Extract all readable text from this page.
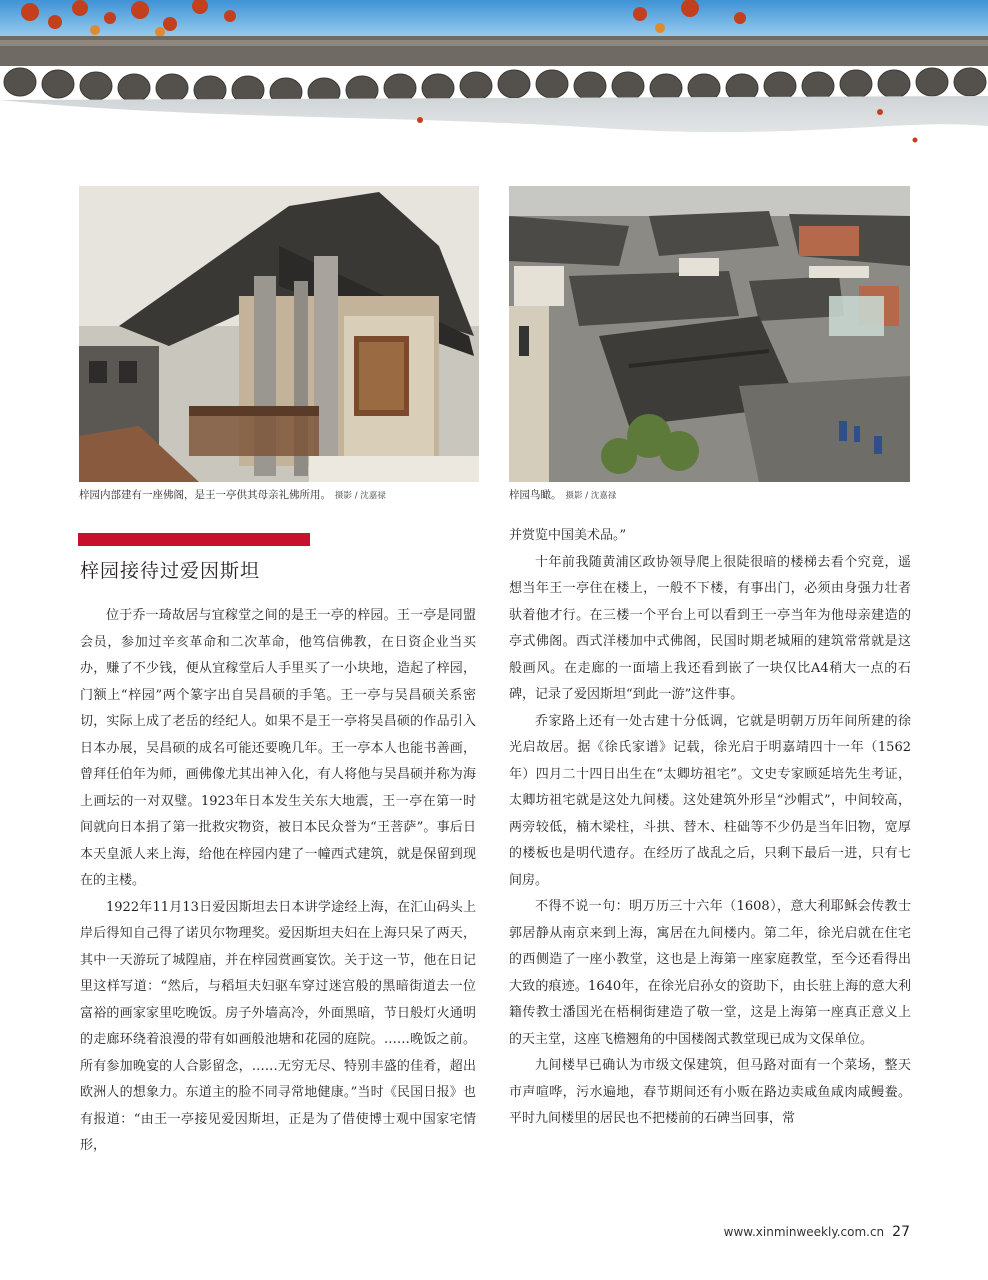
梓园内部建有一座佛阁，是王一亭供其母亲礼佛所用。 摄影 / 沈嘉禄	梓园鸟瞰。 摄影 / 沈嘉禄
梓园接待过爱因斯坦

位于乔一琦故居与宜稼堂之间的是王一亭的梓园。王一亭是同盟会员，参加过辛亥革命和二次革命，他笃信佛教，在日资企业当买办，赚了不少钱，便从宜稼堂后人手里买了一小块地，造起了梓园，门额上“梓园”两个篆字出自吴昌硕的手笔。王一亭与吴昌硕关系密切，实际上成了老岳的经纪人。如果不是王一亭将吴昌硕的作品引入日本办展，吴昌硕的成名可能还要晚几年。王一亭本人也能书善画，曾拜任伯年为师，画佛像尤其出神入化，有人将他与吴昌硕并称为海上画坛的一对双璧。1923年日本发生关东大地震，王一亭在第一时间就向日本捐了第一批救灾物资，被日本民众誉为“王菩萨”。事后日本天皇派人来上海，给他在梓园内建了一幢西式建筑，就是保留到现在的主楼。

1922年11月13日爱因斯坦去日本讲学途经上海，在汇山码头上岸后得知自己得了诺贝尔物理奖。爱因斯坦夫妇在上海只呆了两天，其中一天游玩了城隍庙，并在梓园赏画宴饮。关于这一节，他在日记里这样写道：“然后，与稻垣夫妇驱车穿过迷宫般的黑暗街道去一位富裕的画家家里吃晚饭。房子外墙高冷，外面黑暗，节日般灯火通明的走廊环绕着浪漫的带有如画般池塘和花园的庭院。……晚饭之前。所有参加晚宴的人合影留念，……无穷无尽、特别丰盛的佳肴，超出欧洲人的想象力。东道主的脸不同寻常地健康。”当时《民国日报》也有报道：“由王一亭接见爱因斯坦，正是为了借使博士观中国家宅情形，

并赏览中国美术品。”

十年前我随黄浦区政协领导爬上很陡很暗的楼梯去看个究竟，遥想当年王一亭住在楼上，一般不下楼，有事出门，必须由身强力壮者驮着他才行。在三楼一个平台上可以看到王一亭当年为他母亲建造的亭式佛阁。西式洋楼加中式佛阁，民国时期老城厢的建筑常常就是这般画风。在走廊的一面墙上我还看到嵌了一块仅比A4稍大一点的石碑，记录了爱因斯坦“到此一游”这件事。

乔家路上还有一处古建十分低调，它就是明朝万历年间所建的徐光启故居。据《徐氏家谱》记载，徐光启于明嘉靖四十一年（1562年）四月二十四日出生在“太卿坊祖宅”。文史专家顾延培先生考证，太卿坊祖宅就是这处九间楼。这处建筑外形呈“沙帽式”，中间较高，两旁较低，楠木梁柱，斗拱、替木、柱础等不少仍是当年旧物，宽厚的楼板也是明代遗存。在经历了战乱之后，只剩下最后一进，只有七间房。

不得不说一句：明万历三十六年（1608），意大利耶稣会传教士郭居静从南京来到上海，寓居在九间楼内。第二年，徐光启就在住宅的西侧造了一座小教堂，这也是上海第一座家庭教堂，至今还看得出大致的痕迹。1640年，在徐光启孙女的资助下，由长驻上海的意大利籍传教士潘国光在梧桐街建造了敬一堂，这是上海第一座真正意义上的天主堂，这座飞檐翘角的中国楼阁式教堂现已成为文保单位。

九间楼早已确认为市级文保建筑，但马路对面有一个菜场，整天市声喧哗，污水遍地，春节期间还有小贩在路边卖咸鱼咸肉咸鳗鲞。平时九间楼里的居民也不把楼前的石碑当回事，常

www.xinminweekly.com.cn 27
